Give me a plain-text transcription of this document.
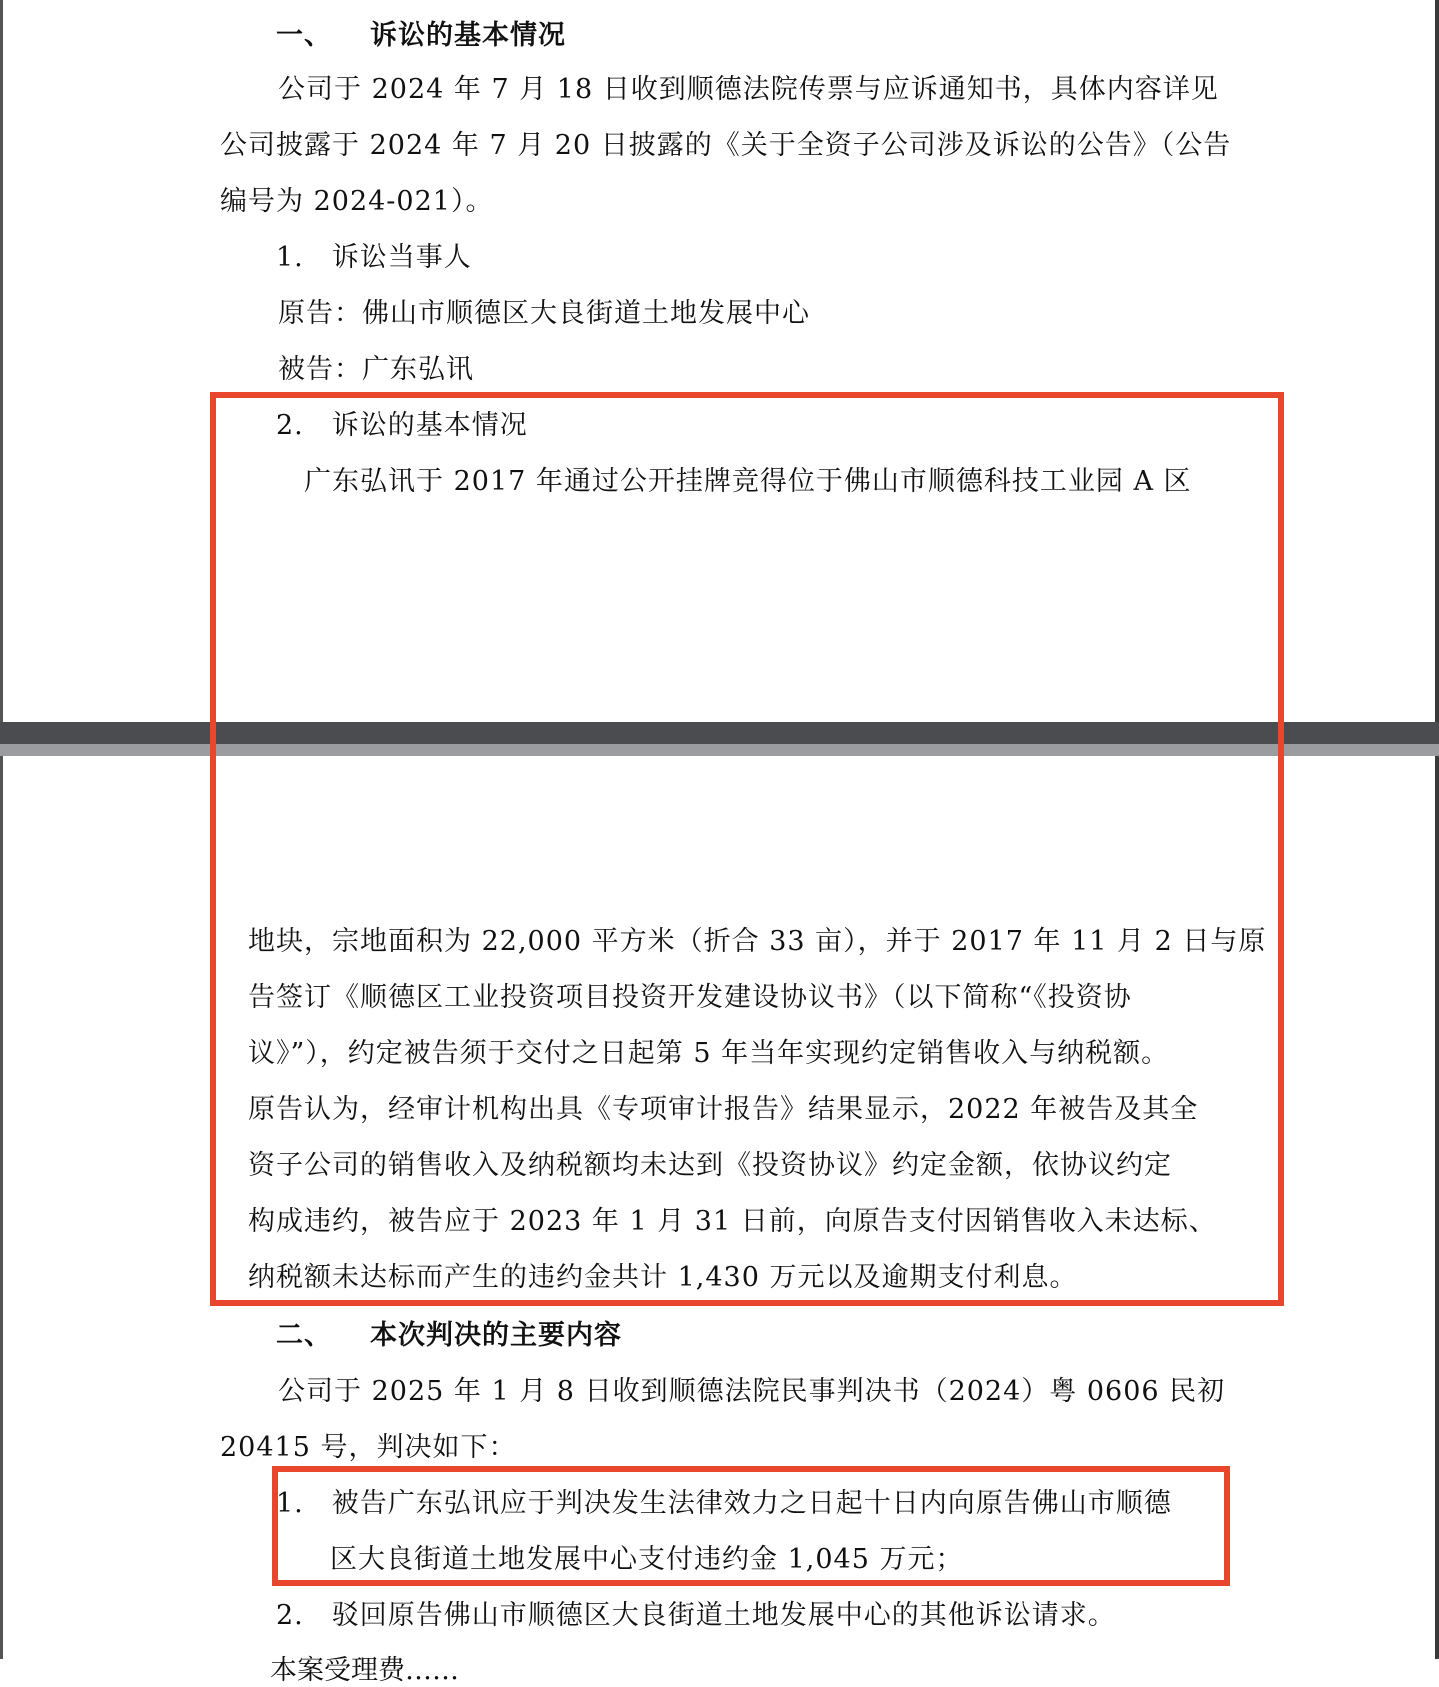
一、 诉讼的基本情况
公司于 2024 年 7 月 18 日收到顺德法院传票与应诉通知书，具体内容详见
公司披露于 2024 年 7 月 20 日披露的《关于全资子公司涉及诉讼的公告》（公告
编号为 2024-021）。
1.　诉讼当事人
原告：佛山市顺德区大良街道土地发展中心
被告：广东弘讯
2.　诉讼的基本情况
广东弘讯于 2017 年通过公开挂牌竞得位于佛山市顺德科技工业园 A 区
地块，宗地面积为 22,000 平方米（折合 33 亩），并于 2017 年 11 月 2 日与原
告签订《顺德区工业投资项目投资开发建设协议书》（以下简称“《投资协
议》”），约定被告须于交付之日起第 5 年当年实现约定销售收入与纳税额。
原告认为，经审计机构出具《专项审计报告》结果显示，2022 年被告及其全
资子公司的销售收入及纳税额均未达到《投资协议》约定金额，依协议约定
构成违约，被告应于 2023 年 1 月 31 日前，向原告支付因销售收入未达标、
纳税额未达标而产生的违约金共计 1,430 万元以及逾期支付利息。
二、 本次判决的主要内容
公司于 2025 年 1 月 8 日收到顺德法院民事判决书（2024）粤 0606 民初
20415 号，判决如下：
1.　被告广东弘讯应于判决发生法律效力之日起十日内向原告佛山市顺德
区大良街道土地发展中心支付违约金 1,045 万元；
2.　驳回原告佛山市顺德区大良街道土地发展中心的其他诉讼请求。
本案受理费……
